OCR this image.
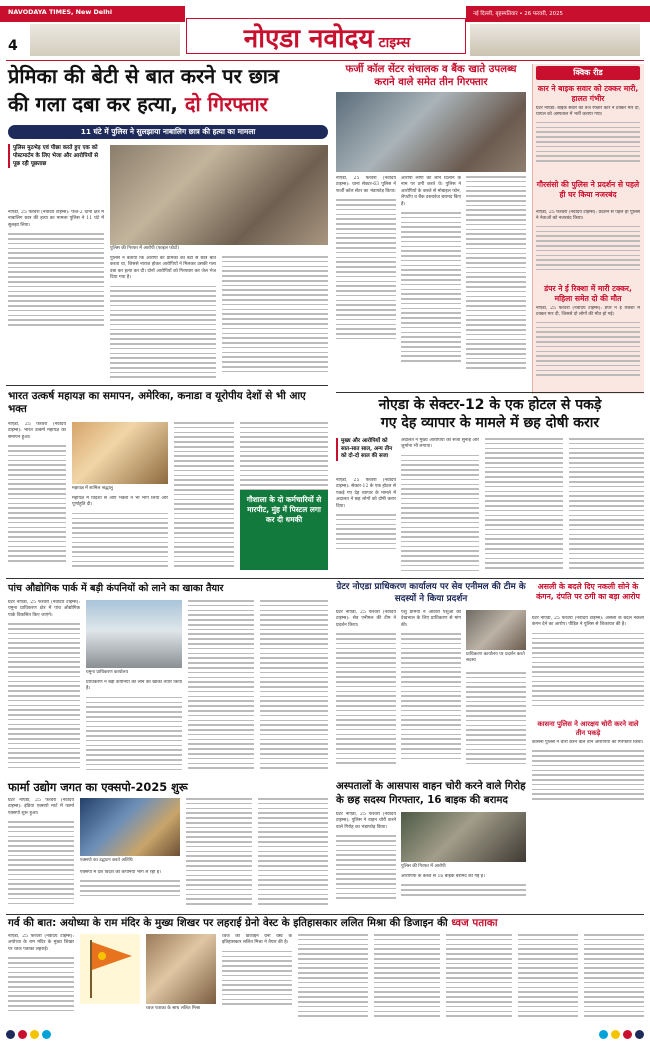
NAVODAYA TIMES, New Delhi
4
नई दिल्ली, बृहस्पतिवार • 26 फरवरी, 2025
नोएडा नवोदय टाइम्स
प्रेमिका की बेटी से बात करने पर छात्र
की गला दबा कर हत्या, दो गिरफ्तार
11 घंटे में पुलिस ने सुलझाया नाबालिग छात्र की हत्या का मामला
पुलिस मुठभेड़ एवं पीछा करते हुए एक को पोस्टमार्टम के लिए भेजा और आरोपियों से पूछ रही पूछताछ
नोएडा, 25 फरवरी (नवोदय टाइम्स): फेज-2 थाना क्षेत्र में नाबालिग छात्र की हत्या का मामला पुलिस ने 11 घंटे में सुलझा लिया।
पुलिस की गिरफ्त में आरोपी (फाइल फोटो)
पुलिस ने बताया कि आरोपी की प्रेमिका की बेटी से छात्र बात करता था, जिससे नाराज होकर आरोपियों ने मिलकर उसकी गला दबा कर हत्या कर दी। दोनों आरोपियों को गिरफ्तार कर जेल भेज दिया गया है।
फर्जी कॉल सेंटर संचालक व बैंक खाते उपलब्ध कराने वाले समेत तीन गिरफ्तार
नोएडा, 25 फरवरी (नवोदय टाइम्स): थाना सेक्टर-63 पुलिस ने फर्जी कॉल सेंटर का भंडाफोड़ किया।
आरोपी लोगों को लोन दिलाने के नाम पर ठगी करते थे। पुलिस ने आरोपियों के कब्जे से मोबाइल फोन, लैपटॉप व बैंक दस्तावेज बरामद किए हैं।
क्विक रीड
कार ने बाइक सवार को टक्कर मारी, हालत गंभीर
ग्रेटर नोएडा: बाइक सवार को तेज रफ्तार कार ने टक्कर मार दी, घायल को अस्पताल में भर्ती कराया गया।
गौरसंसो की पुलिस ने प्रदर्शन से पहले ही घर किया नजरबंद
नोएडा, 25 फरवरी (नवोदय टाइम्स): प्रदर्शन से पहले ही पुलिस ने नेताओं को नजरबंद किया।
डंपर ने ई रिक्शा में मारी टक्कर, महिला समेत दो की मौत
नोएडा, 25 फरवरी (नवोदय टाइम्स): डंपर ने ई रिक्शा में टक्कर मार दी, जिससे दो लोगों की मौत हो गई।
भारत उत्कर्ष महायज्ञ का समापन, अमेरिका, कनाडा व यूरोपीय देशों से भी आए भक्त
नोएडा, 25 फरवरी (नवोदय टाइम्स): भारत उत्कर्ष महायज्ञ का समापन हुआ।
महायज्ञ में शामिल श्रद्धालु
महायज्ञ में विदेशों से आए भक्तों ने भी भाग लिया और पूर्णाहुति दी।
नोएडा के सेक्टर-12 के एक होटल से पकड़े
गए देह व्यापार के मामले में छह दोषी करार
मुख्य और आरोपियों को सात-सात साल, अन्य तीन को दो-दो साल की सजा
नोएडा, 25 फरवरी (नवोदय टाइम्स): सेक्टर-12 के एक होटल से पकड़े गए देह व्यापार के मामले में अदालत ने छह लोगों को दोषी करार दिया।
अदालत ने मुख्य आरोपियों को सजा सुनाई और जुर्माना भी लगाया।
गौशाला के दो कर्मचारियों से मारपीट, मुंह में पिस्टल लगा कर दी धमकी
पांच औद्योगिक पार्क में बड़ी कंपनियों को लाने का खाका तैयार
ग्रेटर नोएडा, 25 फरवरी (नवोदय टाइम्स): यमुना प्राधिकरण क्षेत्र में पांच औद्योगिक पार्क विकसित किए जाएंगे।
यमुना प्राधिकरण कार्यालय
प्राधिकरण ने बड़ी कंपनियों को लाने का खाका तैयार किया है।
ग्रेटर नोएडा प्राधिकरण कार्यालय पर सेव एनीमल की टीम के सदस्यों ने किया प्रदर्शन
ग्रेटर नोएडा, 25 फरवरी (नवोदय टाइम्स): सेव एनीमल की टीम ने प्रदर्शन किया।
पशु प्रेमियों ने आवारा पशुओं की देखभाल के लिए प्राधिकरण से मांग की।
प्राधिकरण कार्यालय पर प्रदर्शन करते सदस्य
असली के बदले दिए नकली सोने के कंगन, दंपति पर ठगी का बड़ा आरोप
ग्रेटर नोएडा, 25 फरवरी (नवोदय टाइम्स): असली के बदले नकली कंगन देने का आरोप। पीड़ित ने पुलिस से शिकायत की है।
कासना पुलिस ने आरक्षय चोरी करने वाले तीन पकड़े
कासना पुलिस ने चोरी करने वाले तीन आरोपियों को गिरफ्तार किया।
फार्मा उद्योग जगत का एक्सपो-2025 शुरू
ग्रेटर नोएडा, 25 फरवरी (नवोदय टाइम्स): इंडिया एक्सपो मार्ट में फार्मा एक्सपो शुरू हुआ।
एक्सपो का उद्घाटन करते अतिथि
एक्सपो में देश विदेश की कंपनियां भाग ले रही हैं।
अस्पतालों के आसपास वाहन चोरी करने वाले गिरोह
के छह सदस्य गिरफ्तार, 16 बाइक की बरामद
ग्रेटर नोएडा, 25 फरवरी (नवोदय टाइम्स): पुलिस ने वाहन चोरी करने वाले गिरोह का भंडाफोड़ किया।
पुलिस की गिरफ्त में आरोपी
आरोपियों के कब्जे से 16 बाइक बरामद की गई हैं।
गर्व की बात: अयोध्या के राम मंदिर के मुख्य शिखर पर लहराई ग्रेनो वेस्ट के इतिहासकार ललित मिश्रा की डिजाइन की ध्वज पताका
नोएडा, 25 फरवरी (नवोदय टाइम्स): अयोध्या के राम मंदिर के मुख्य शिखर पर ध्वज पताका लहराई।
ध्वज पताका के साथ ललित मिश्रा
ध्वज की डिजाइन ग्रेनो वेस्ट के इतिहासकार ललित मिश्रा ने तैयार की है।
